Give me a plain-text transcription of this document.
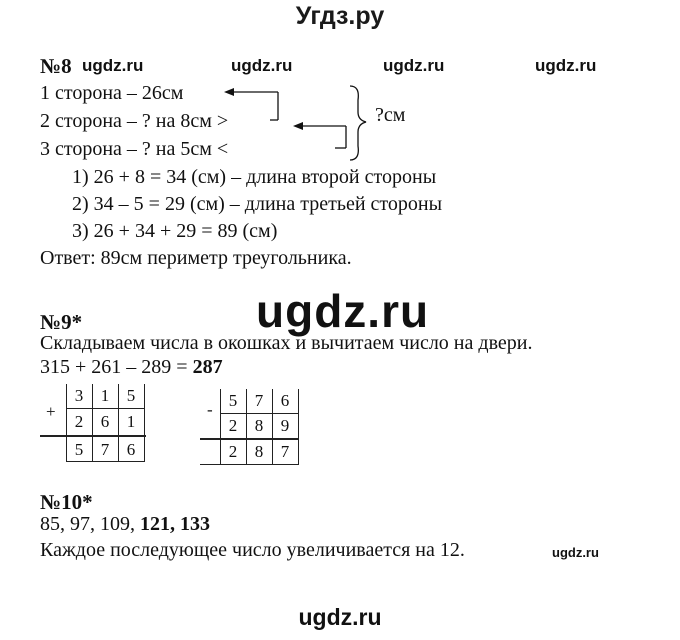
Угдз.ру
№8 ugdz.ru	ugdz.ru	ugdz.ru	ugdz.ru
1 сторона – 26см
2 сторона – ? на 8см >
3 сторона – ? на 5см <
?см
1) 26 + 8 = 34 (см) – длина второй стороны
2) 34 – 5 = 29 (см) – длина третьей стороны
3) 26 + 34 + 29 = 89 (см)
Ответ: 89см периметр треугольника.
№9*	ugdz.ru
Складываем числа в окошках и вычитаем число на двери.
315 + 261 – 289 = 287
+
3	1	5
2	6	1
5	7	6
- 5	7	6
2	8	9
2	8	7
№10*
85, 97, 109, 121, 133
Каждое последующее число увеличивается на 12.	ugdz.ru
ugdz.ru
